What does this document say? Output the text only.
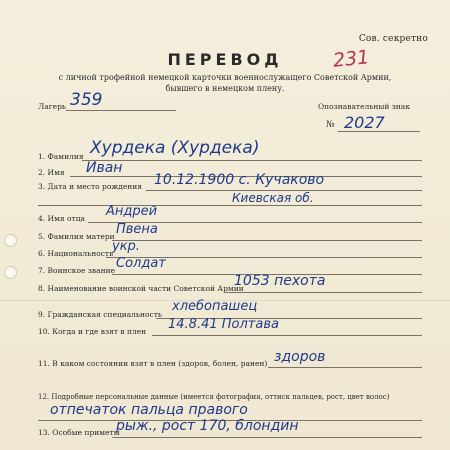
Сов. секретно
231
ПЕРЕВОД
с личной трофейной немецкой карточки военнослужащего Советской Армии,
бывшего в немецком плену.
Лагерь 359	Опознавательный знак
№ 2027
1. Фамилия Хурдека (Хурдека)
2. Имя Иван
3. Дата и место рождения 10.12.1900 с. Кучаково
Киевская об.
4. Имя отца Андрей
5. Фамилия матери Пвена
6. Национальность
укр.
7. Воинское звание Солдат
8. Наименование воинской части Советской Армии
1053 пехота
9. Гражданская специальность
хлебопашец
10. Когда и где взят в плен 14.8.41 Полтава
11. В каком состоянии взят в плен (здоров, болен, ранен) здоров
12. Подробные персональные данные (имеется фотография, оттиск пальцев, рост, цвет волос)
отпечаток пальца правого
13. Особые приметы
рыж., рост 170, блондин
